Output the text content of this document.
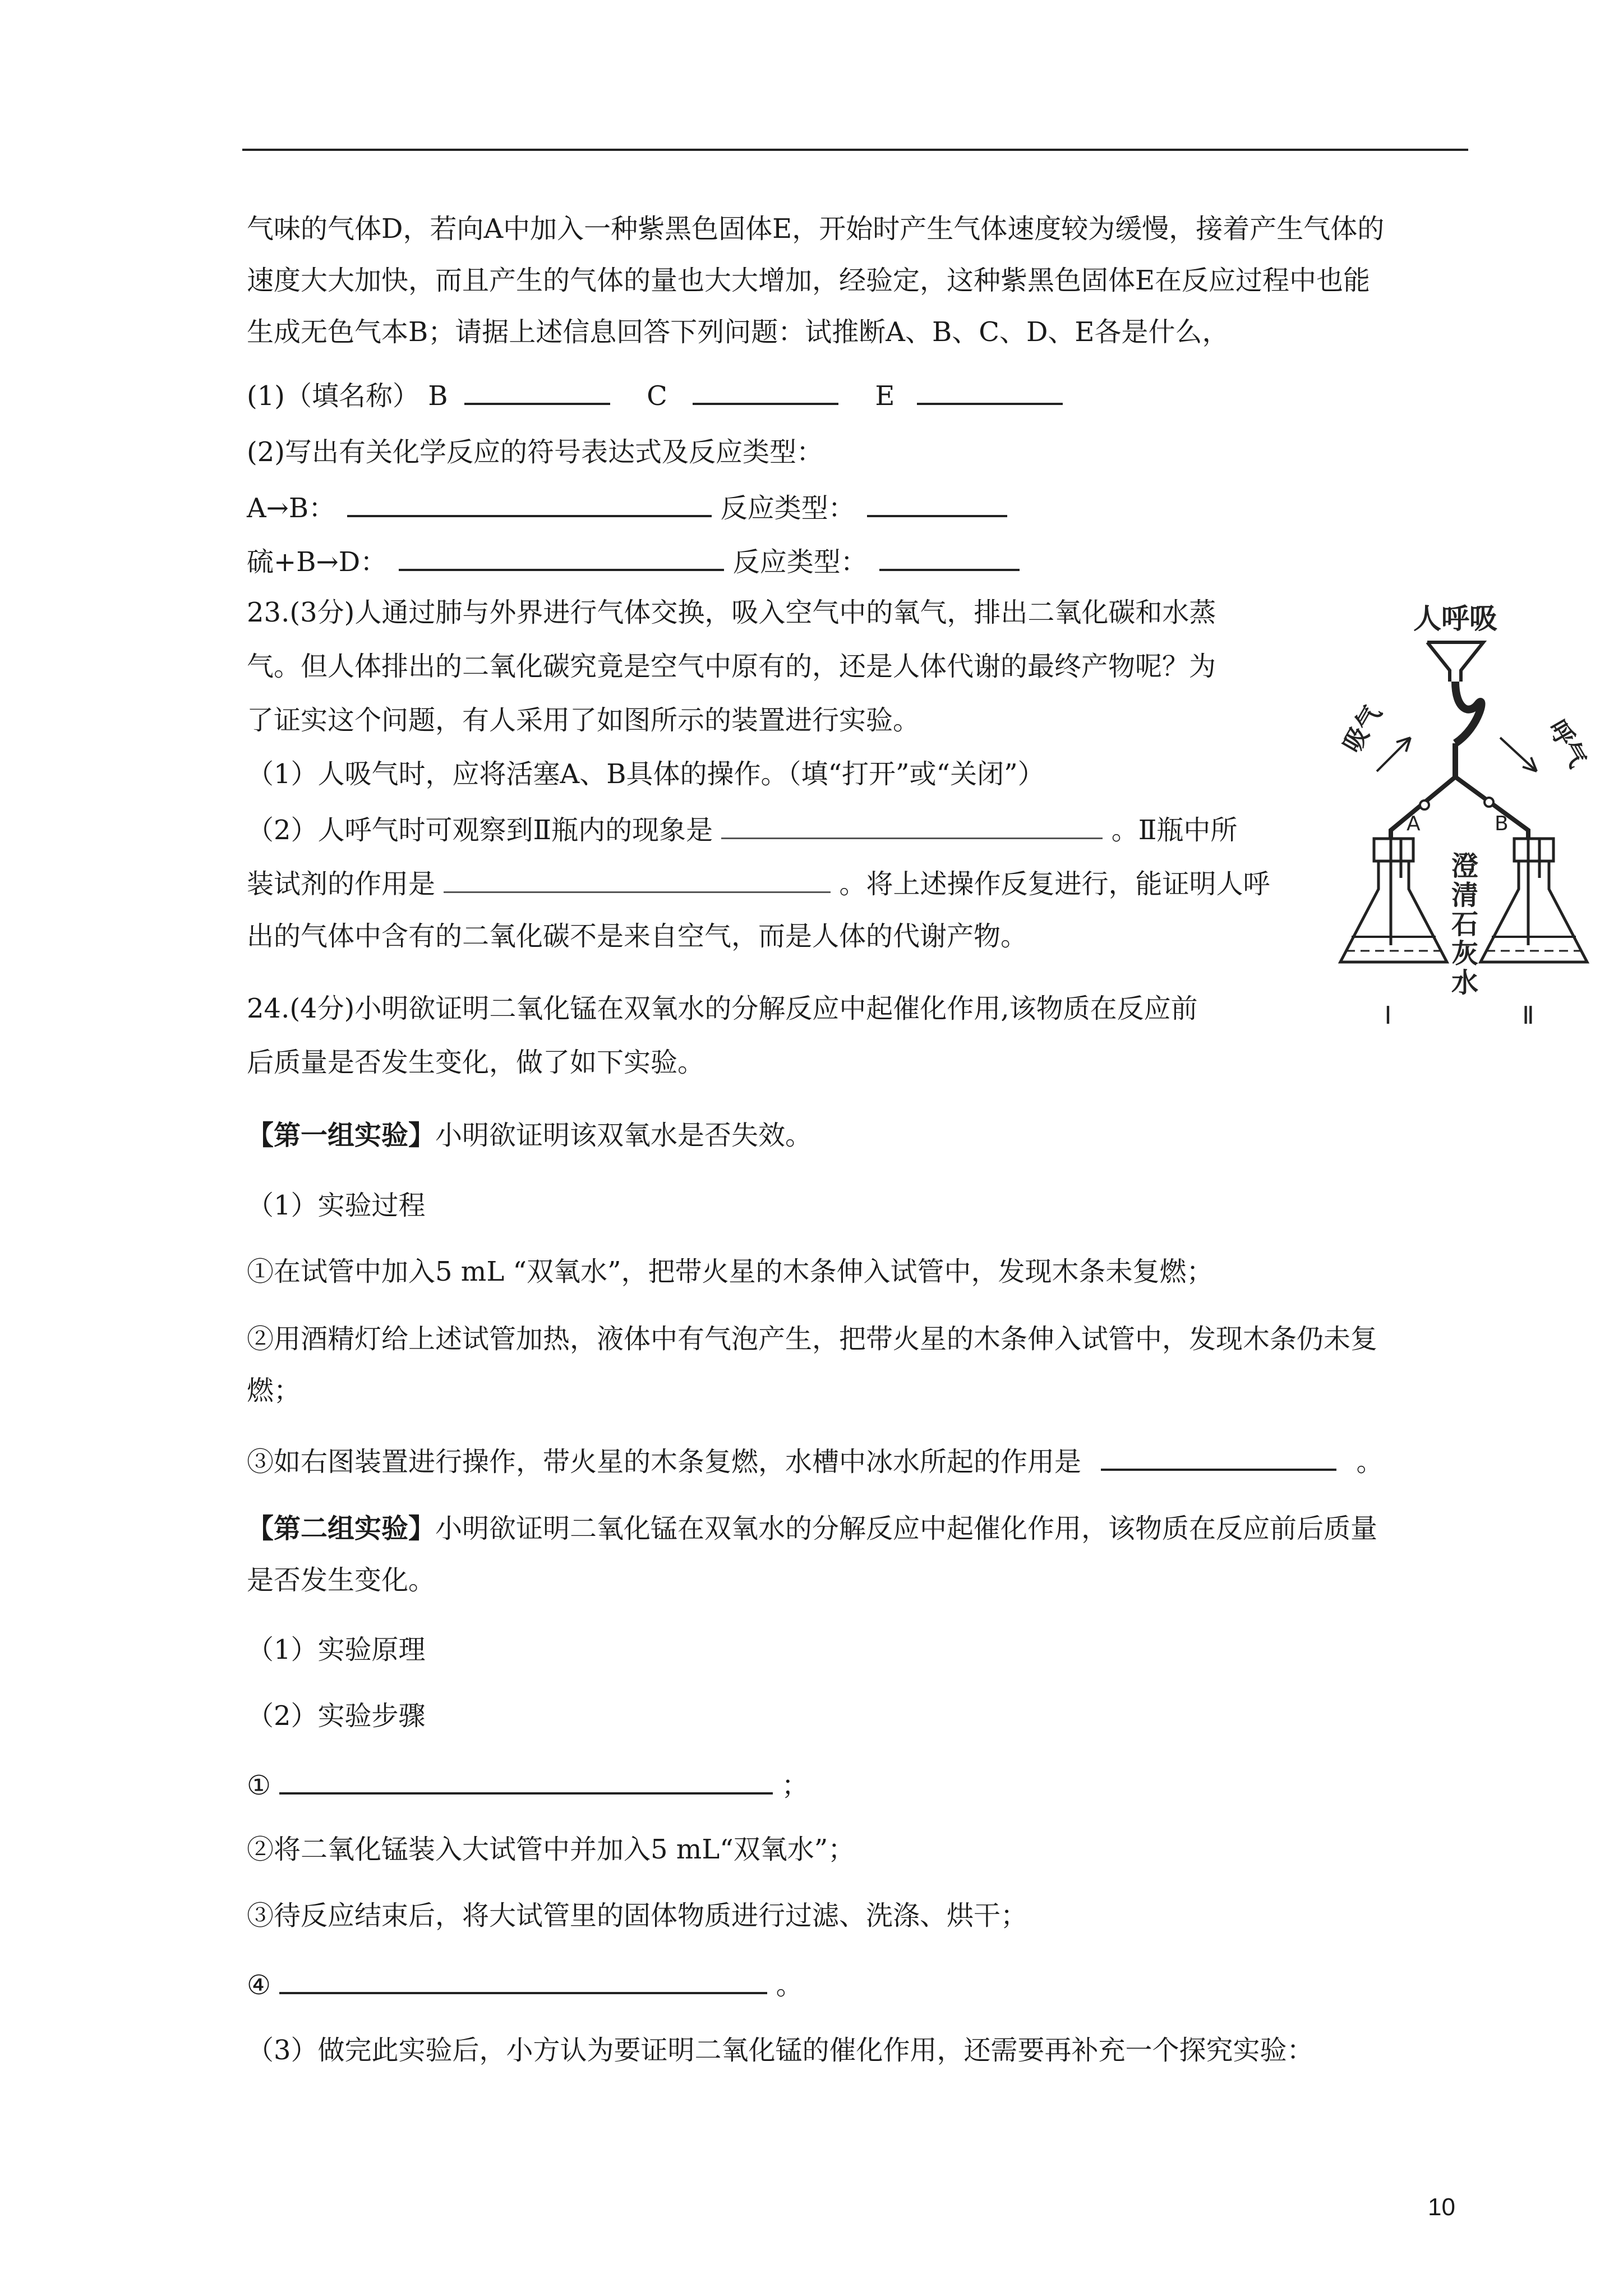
气味的气体D，若向A中加入一种紫黑色固体E，开始时产生气体速度较为缓慢，接着产生气体的
速度大大加快，而且产生的气体的量也大大增加，经验定，这种紫黑色固体E在反应过程中也能
生成无色气本B；请据上述信息回答下列问题：试推断A、B、C、D、E各是什么，
(1)（填名称） B	C	E
(2)写出有关化学反应的符号表达式及反应类型：
A→B：	反应类型：
硫+B→D：	反应类型：
23.(3分)人通过肺与外界进行气体交换，吸入空气中的氧气，排出二氧化碳和水蒸
气。但人体排出的二氧化碳究竟是空气中原有的，还是人体代谢的最终产物呢？为
了证实这个问题，有人采用了如图所示的装置进行实验。
（1）人吸气时，应将活塞A、B具体的操作。（填“打开”或“关闭”）
（2）人呼气时可观察到Ⅱ瓶内的现象是	。Ⅱ瓶中所
装试剂的作用是	。将上述操作反复进行，能证明人呼
出的气体中含有的二氧化碳不是来自空气，而是人体的代谢产物。
人呼吸
A	B
吸气	呼气
澄清石灰水
Ⅰ	Ⅱ
24.(4分)小明欲证明二氧化锰在双氧水的分解反应中起催化作用,该物质在反应前
后质量是否发生变化，做了如下实验。
【第一组实验】小明欲证明该双氧水是否失效。
（1）实验过程
①在试管中加入5 mL “双氧水”，把带火星的木条伸入试管中，发现木条未复燃；
②用酒精灯给上述试管加热，液体中有气泡产生，把带火星的木条伸入试管中，发现木条仍未复
燃；
③如右图装置进行操作，带火星的木条复燃，水槽中冰水所起的作用是	。
【第二组实验】小明欲证明二氧化锰在双氧水的分解反应中起催化作用，该物质在反应前后质量
是否发生变化。
（1）实验原理
（2）实验步骤
①	；
②将二氧化锰装入大试管中并加入5 mL“双氧水”；
③待反应结束后，将大试管里的固体物质进行过滤、洗涤、烘干；
④	。
（3）做完此实验后，小方认为要证明二氧化锰的催化作用，还需要再补充一个探究实验：
10
